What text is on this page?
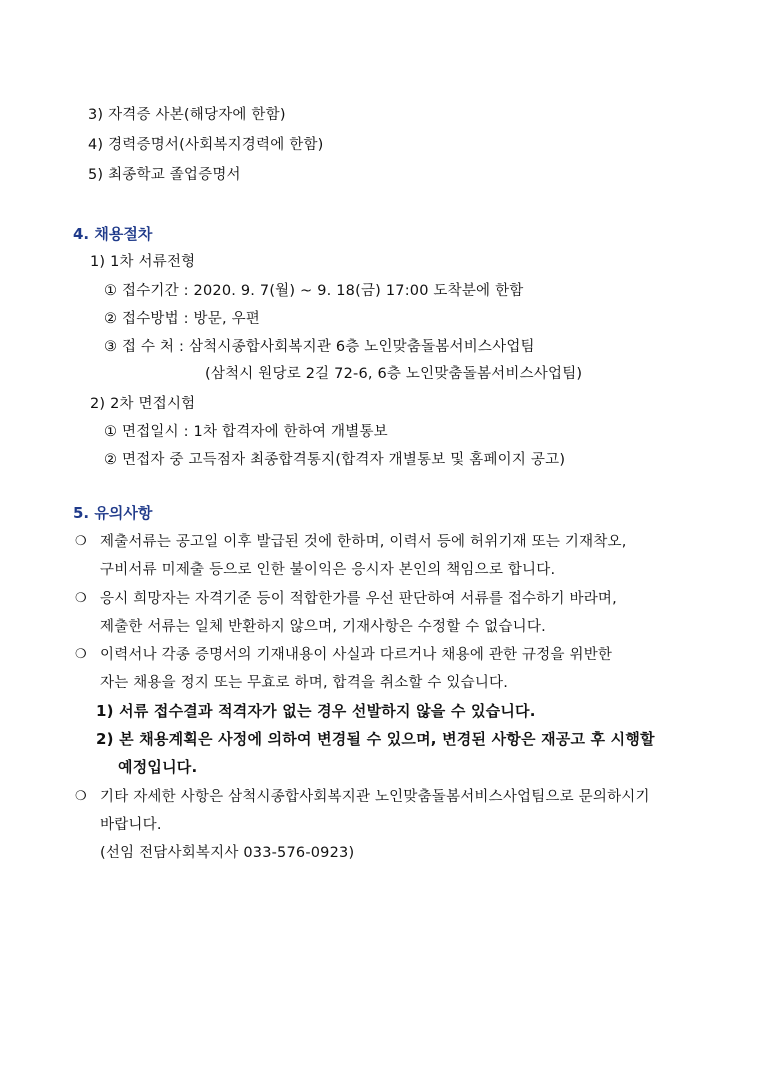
3) 자격증 사본(해당자에 한함)
4) 경력증명서(사회복지경력에 한함)
5) 최종학교 졸업증명서
4. 채용절차
1) 1차 서류전형
① 접수기간 : 2020. 9. 7(월) ~ 9. 18(금) 17:00 도착분에 한함
② 접수방법 : 방문, 우편
③ 접 수 처 : 삼척시종합사회복지관 6층 노인맞춤돌봄서비스사업팀
(삼척시 원당로 2길 72-6, 6층 노인맞춤돌봄서비스사업팀)
2) 2차 면접시험
① 면접일시 : 1차 합격자에 한하여 개별통보
② 면접자 중 고득점자 최종합격통지(합격자 개별통보 및 홈페이지 공고)
5. 유의사항
❍ 제출서류는 공고일 이후 발급된 것에 한하며, 이력서 등에 허위기재 또는 기재착오,
구비서류 미제출 등으로 인한 불이익은 응시자 본인의 책임으로 합니다.
❍ 응시 희망자는 자격기준 등이 적합한가를 우선 판단하여 서류를 접수하기 바라며,
제출한 서류는 일체 반환하지 않으며, 기재사항은 수정할 수 없습니다.
❍ 이력서나 각종 증명서의 기재내용이 사실과 다르거나 채용에 관한 규정을 위반한
자는 채용을 정지 또는 무효로 하며, 합격을 취소할 수 있습니다.
1) 서류 접수결과 적격자가 없는 경우 선발하지 않을 수 있습니다.
2) 본 채용계획은 사정에 의하여 변경될 수 있으며, 변경된 사항은 재공고 후 시행할
예정입니다.
❍ 기타 자세한 사항은 삼척시종합사회복지관 노인맞춤돌봄서비스사업팀으로 문의하시기
바랍니다.
(선임 전담사회복지사 033-576-0923)
